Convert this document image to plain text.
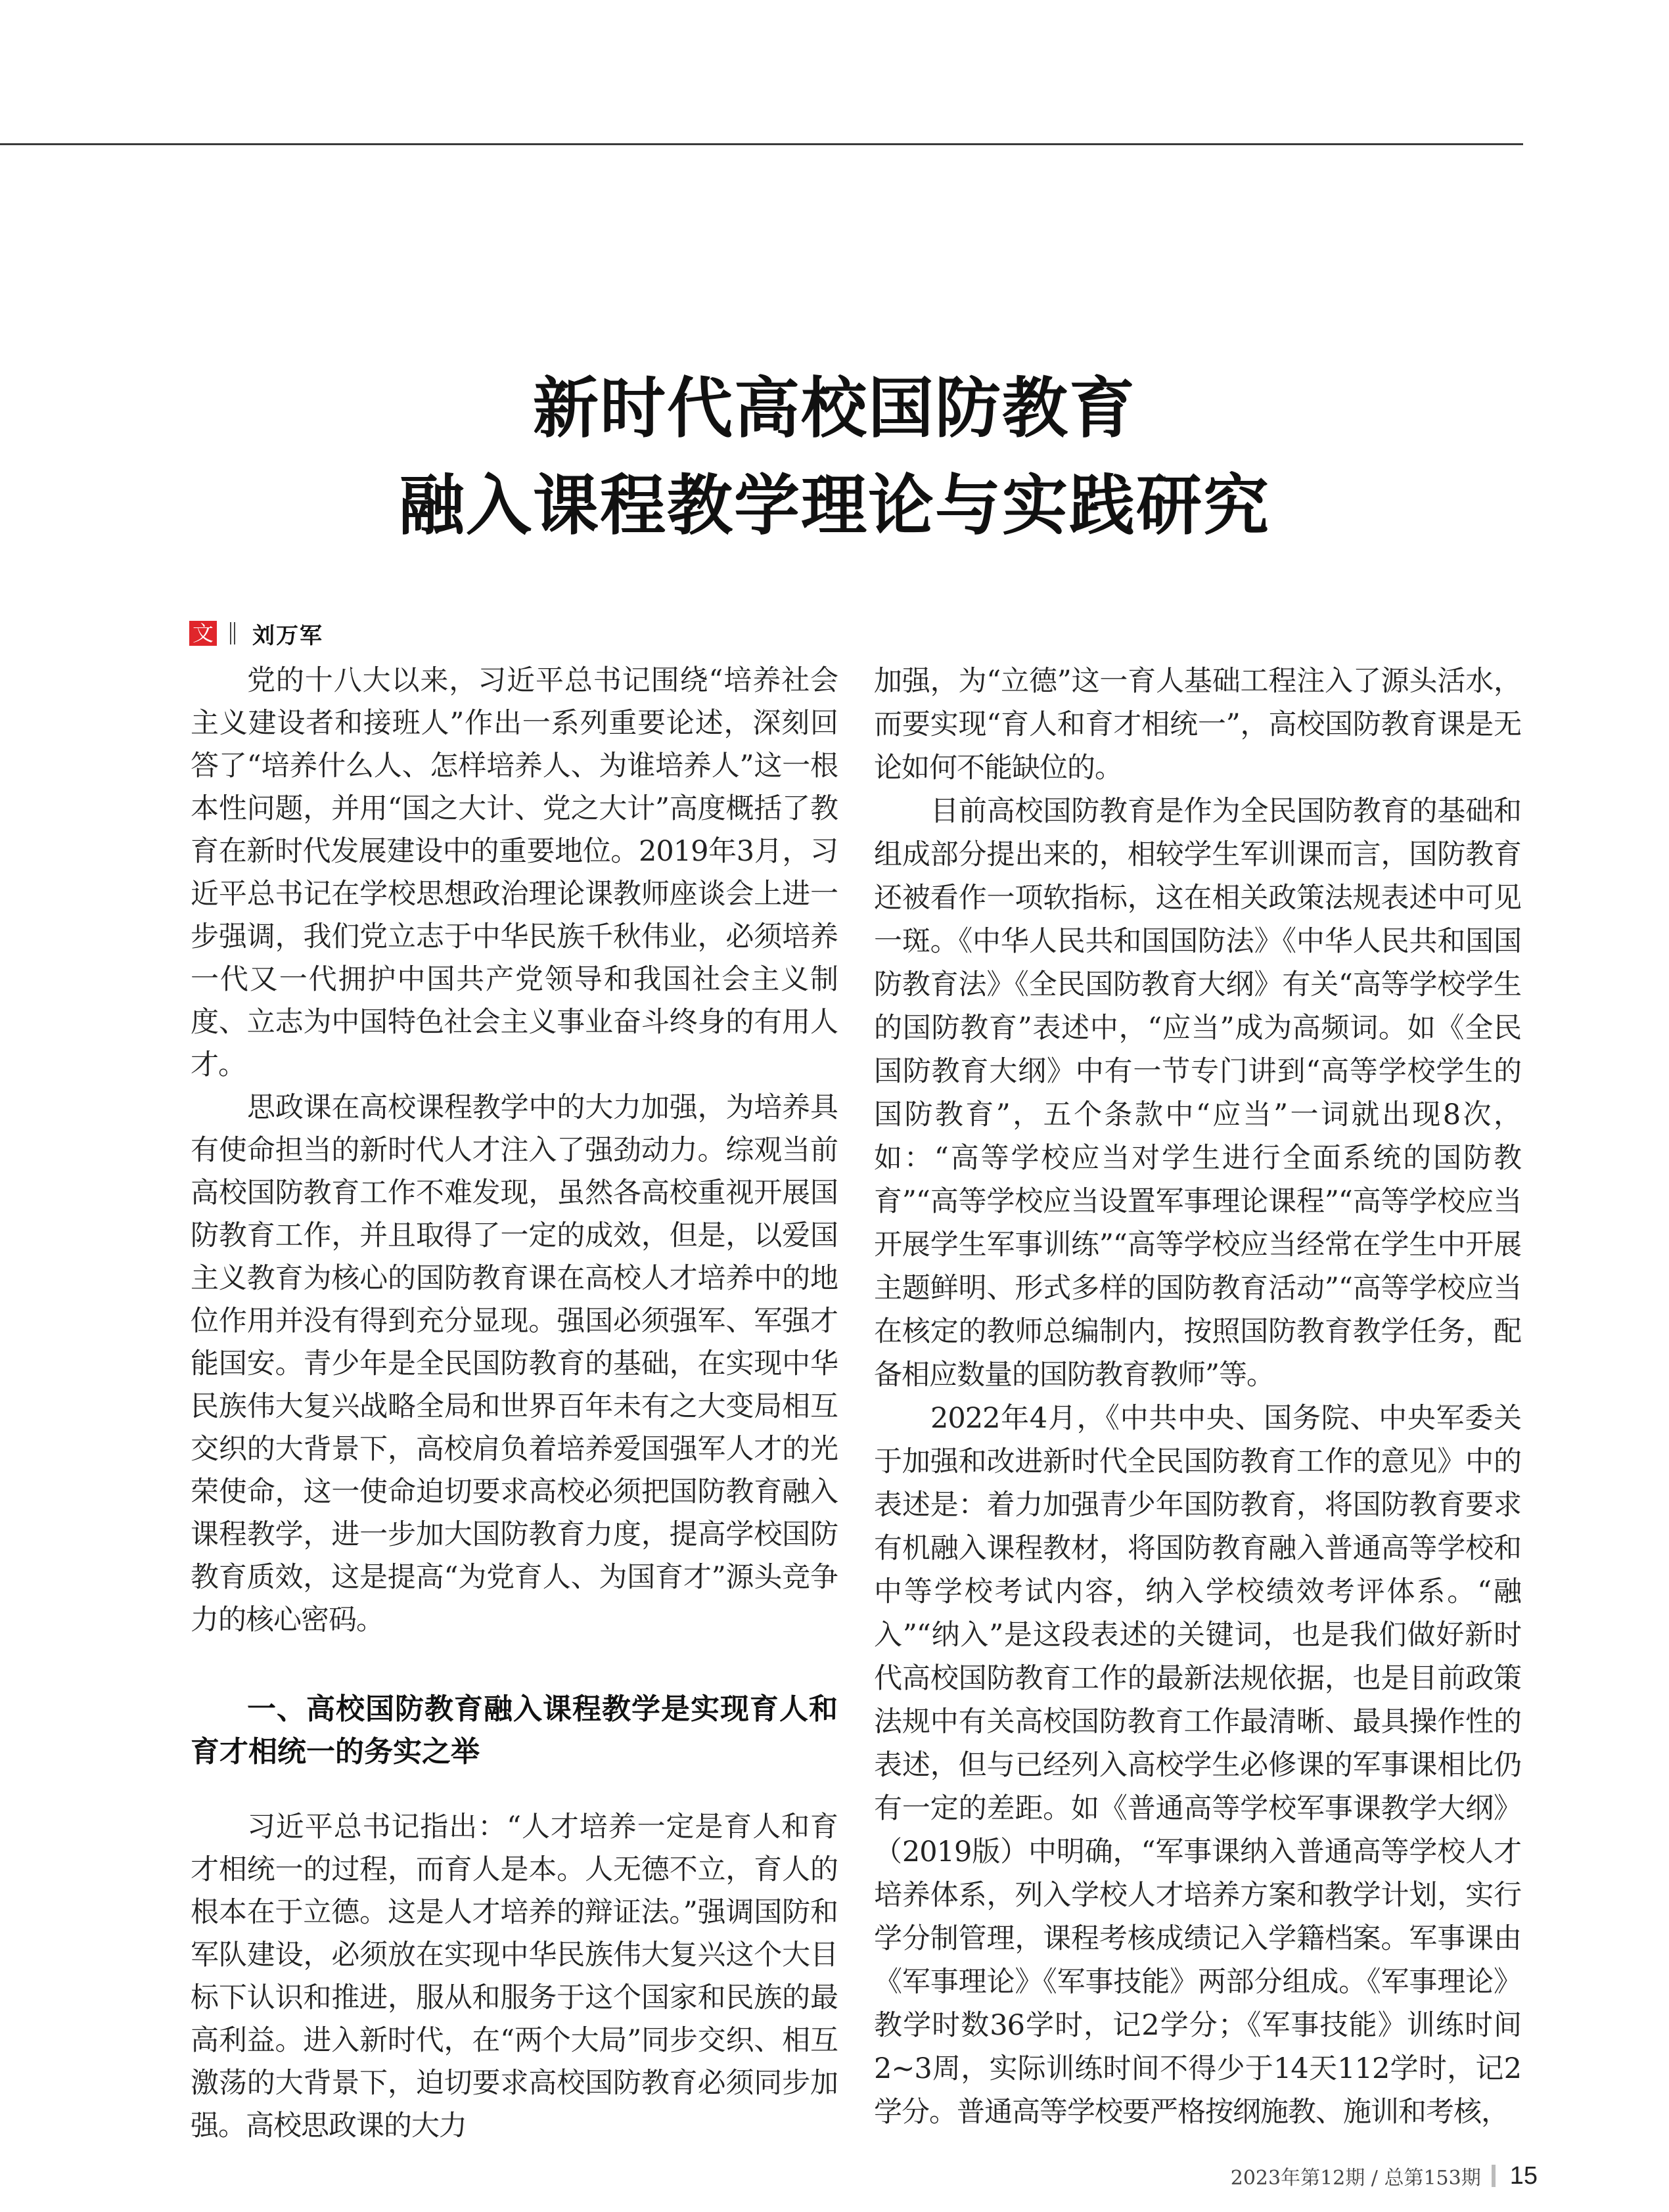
新时代高校国防教育
融入课程教学理论与实践研究
文 刘万军

党的十八大以来，习近平总书记围绕“培养社会主义建设者和接班人”作出一系列重要论述，深刻回答了“培养什么人、怎样培养人、为谁培养人”这一根本性问题，并用“国之大计、党之大计”高度概括了教育在新时代发展建设中的重要地位。2019年3月，习近平总书记在学校思想政治理论课教师座谈会上进一步强调，我们党立志于中华民族千秋伟业，必须培养一代又一代拥护中国共产党领导和我国社会主义制度、立志为中国特色社会主义事业奋斗终身的有用人才。

思政课在高校课程教学中的大力加强，为培养具有使命担当的新时代人才注入了强劲动力。综观当前高校国防教育工作不难发现，虽然各高校重视开展国防教育工作，并且取得了一定的成效，但是，以爱国主义教育为核心的国防教育课在高校人才培养中的地位作用并没有得到充分显现。强国必须强军、军强才能国安。青少年是全民国防教育的基础，在实现中华民族伟大复兴战略全局和世界百年未有之大变局相互交织的大背景下，高校肩负着培养爱国强军人才的光荣使命，这一使命迫切要求高校必须把国防教育融入课程教学，进一步加大国防教育力度，提高学校国防教育质效，这是提高“为党育人、为国育才”源头竞争力的核心密码。

一、高校国防教育融入课程教学是实现育人和育才相统一的务实之举

习近平总书记指出：“人才培养一定是育人和育才相统一的过程，而育人是本。人无德不立，育人的根本在于立德。这是人才培养的辩证法。”强调国防和军队建设，必须放在实现中华民族伟大复兴这个大目标下认识和推进，服从和服务于这个国家和民族的最高利益。进入新时代，在“两个大局”同步交织、相互激荡的大背景下，迫切要求高校国防教育必须同步加强。高校思政课的大力

加强，为“立德”这一育人基础工程注入了源头活水，而要实现“育人和育才相统一”，高校国防教育课是无论如何不能缺位的。

目前高校国防教育是作为全民国防教育的基础和组成部分提出来的，相较学生军训课而言，国防教育还被看作一项软指标，这在相关政策法规表述中可见一斑。《中华人民共和国国防法》《中华人民共和国国防教育法》《全民国防教育大纲》有关“高等学校学生的国防教育”表述中，“应当”成为高频词。如《全民国防教育大纲》中有一节专门讲到“高等学校学生的国防教育”，五个条款中“应当”一词就出现8次，如：“高等学校应当对学生进行全面系统的国防教育”“高等学校应当设置军事理论课程”“高等学校应当开展学生军事训练”“高等学校应当经常在学生中开展主题鲜明、形式多样的国防教育活动”“高等学校应当在核定的教师总编制内，按照国防教育教学任务，配备相应数量的国防教育教师”等。

2022年4月，《中共中央、国务院、中央军委关于加强和改进新时代全民国防教育工作的意见》中的表述是：着力加强青少年国防教育，将国防教育要求有机融入课程教材，将国防教育融入普通高等学校和中等学校考试内容，纳入学校绩效考评体系。“融入”“纳入”是这段表述的关键词，也是我们做好新时代高校国防教育工作的最新法规依据，也是目前政策法规中有关高校国防教育工作最清晰、最具操作性的表述，但与已经列入高校学生必修课的军事课相比仍有一定的差距。如《普通高等学校军事课教学大纲》（2019版）中明确，“军事课纳入普通高等学校人才培养体系，列入学校人才培养方案和教学计划，实行学分制管理，课程考核成绩记入学籍档案。军事课由《军事理论》《军事技能》两部分组成。《军事理论》教学时数36学时，记2学分；《军事技能》训练时间2~3周，实际训练时间不得少于14天112学时，记2学分。普通高等学校要严格按纲施教、施训和考核，

2023年第12期 / 总第153期 15
